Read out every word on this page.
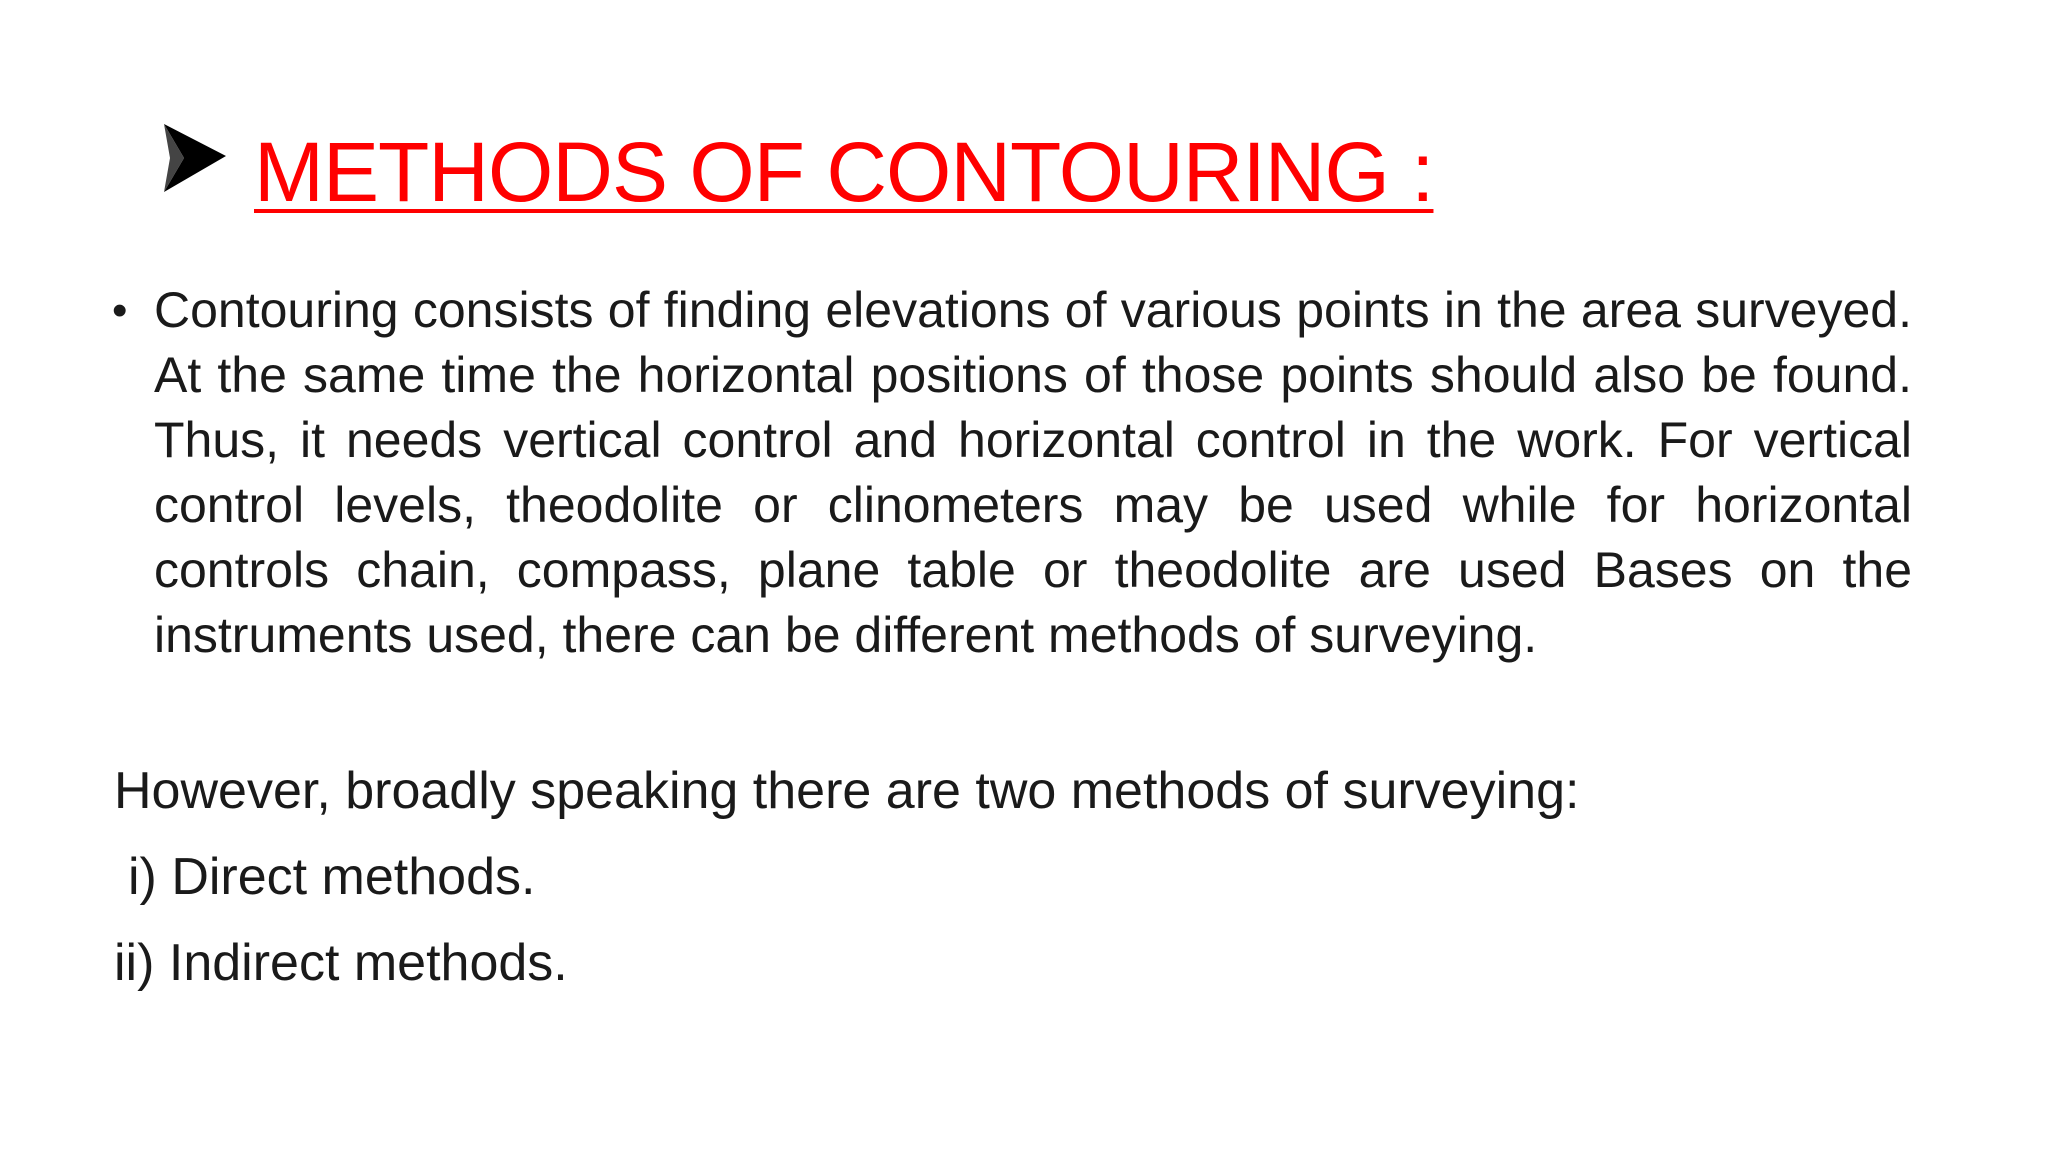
METHODS OF CONTOURING :
• Contouring consists of finding elevations of various points in the area surveyed. At the same time the horizontal positions of those points should also be found. Thus, it needs vertical control and horizontal control in the work. For vertical control levels, theodolite or clinometers may be used while for horizontal controls chain, compass, plane table or theodolite are used Bases on the instruments used, there can be different methods of surveying.
However, broadly speaking there are two methods of surveying:
i) Direct methods.
ii) Indirect methods.
